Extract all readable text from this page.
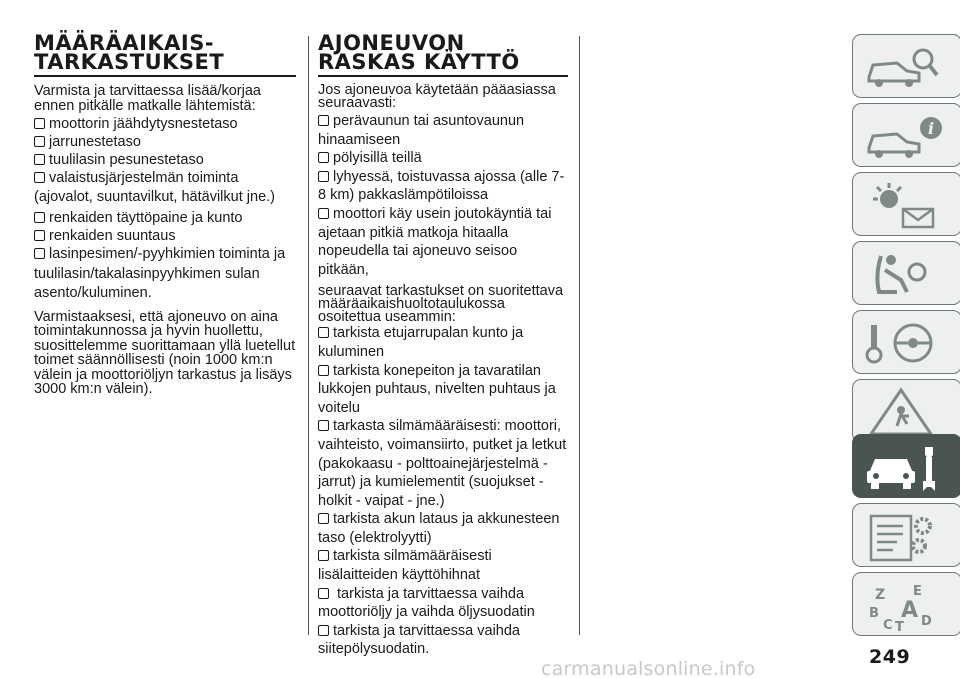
MÄÄRÄAIKAIS-
TARKASTUKSET
Varmista ja tarvittaessa lisää/korjaa ennen pitkälle matkalle lähtemistä:
moottorin jäähdytysnestetaso
jarrunestetaso
tuulilasin pesunestetaso
valaistusjärjestelmän toiminta (ajovalot, suuntavilkut, hätävilkut jne.)
renkaiden täyttöpaine ja kunto
renkaiden suuntaus
lasinpesimen/-pyyhkimien toiminta ja tuulilasin/takalasinpyyhkimen sulan asento/kuluminen.
Varmistaaksesi, että ajoneuvo on aina toimintakunnossa ja hyvin huollettu, suosittelemme suorittamaan yllä luetellut toimet säännöllisesti (noin 1000 km:n välein ja moottoriöljyn tarkastus ja lisäys 3000 km:n välein).
AJONEUVON
RASKAS KÄYTTÖ
Jos ajoneuvoa käytetään pääasiassa seuraavasti:
perävaunun tai asuntovaunun hinaamiseen
pölyisillä teillä
lyhyessä, toistuvassa ajossa (alle 7-8 km) pakkaslämpötiloissa
moottori käy usein joutokäyntiä tai ajetaan pitkiä matkoja hitaalla nopeudella tai ajoneuvo seisoo pitkään,
seuraavat tarkastukset on suoritettava määräaikaishuoltotaulukossa osoitettua useammin:
tarkista etujarrupalan kunto ja kuluminen
tarkista konepeiton ja tavaratilan lukkojen puhtaus, nivelten puhtaus ja voitelu
tarkasta silmämääräisesti: moottori, vaihteisto, voimansiirto, putket ja letkut (pakokaasu - polttoainejärjestelmä - jarrut) ja kumielementit (suojukset - holkit - vaipat - jne.)
tarkista akun lataus ja akkunesteen taso (elektrolyytti)
tarkista silmämääräisesti lisälaitteiden käyttöhihnat
tarkista ja tarvittaessa vaihda moottoriöljy ja vaihda öljysuodatin
tarkista ja tarvittaessa vaihda siitepölysuodatin.
i
Z E
B A
C T D
249
carmanualsonline.info
